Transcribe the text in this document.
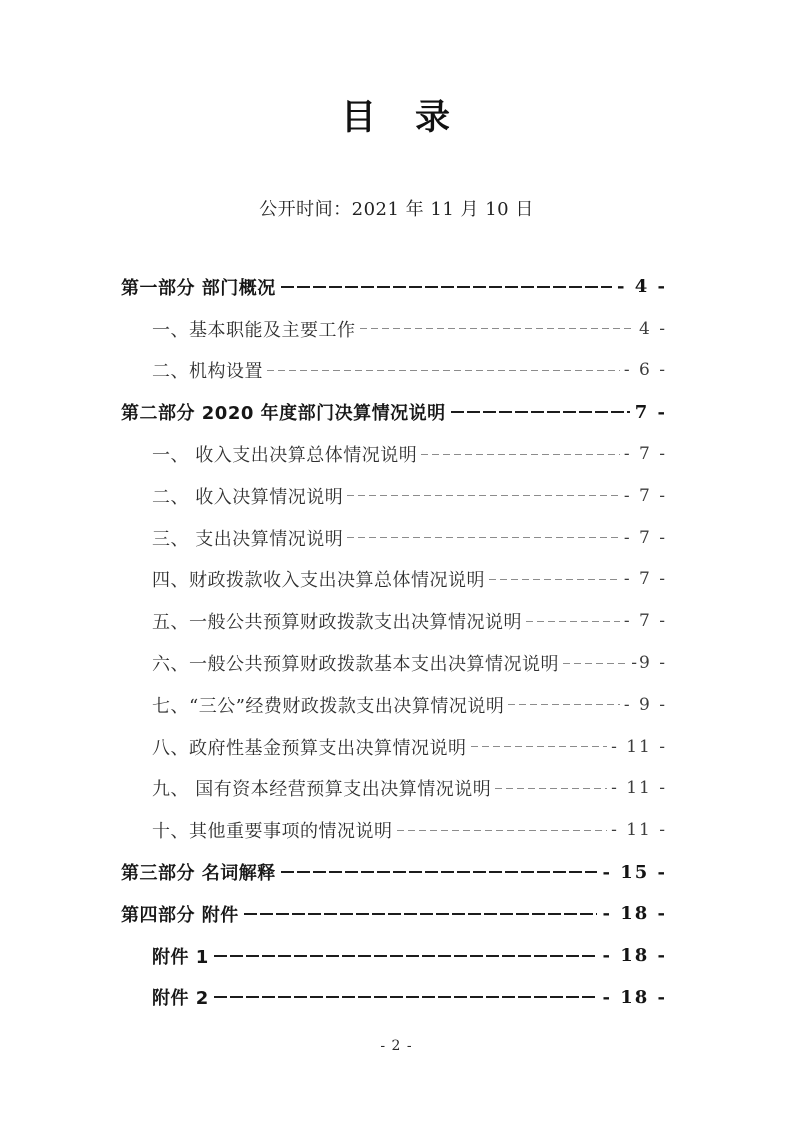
目　录
公开时间：2021 年 11 月 10 日
第一部分 部门概况	- 4 -
一、基本职能及主要工作	4 -
二、机构设置	- 6 -
第二部分 2020 年度部门决算情况说明	7 -
一、 收入支出决算总体情况说明	- 7 -
二、 收入决算情况说明	- 7 -
三、 支出决算情况说明	- 7 -
四、财政拨款收入支出决算总体情况说明	- 7 -
五、一般公共预算财政拨款支出决算情况说明	- 7 -
六、一般公共预算财政拨款基本支出决算情况说明	-9 -
七、“三公”经费财政拨款支出决算情况说明	- 9 -
八、政府性基金预算支出决算情况说明	- 11 -
九、 国有资本经营预算支出决算情况说明	- 11 -
十、其他重要事项的情况说明	- 11 -
第三部分 名词解释	- 15 -
第四部分 附件	- 18 -
附件 1	- 18 -
附件 2	- 18 -
- 2 -
